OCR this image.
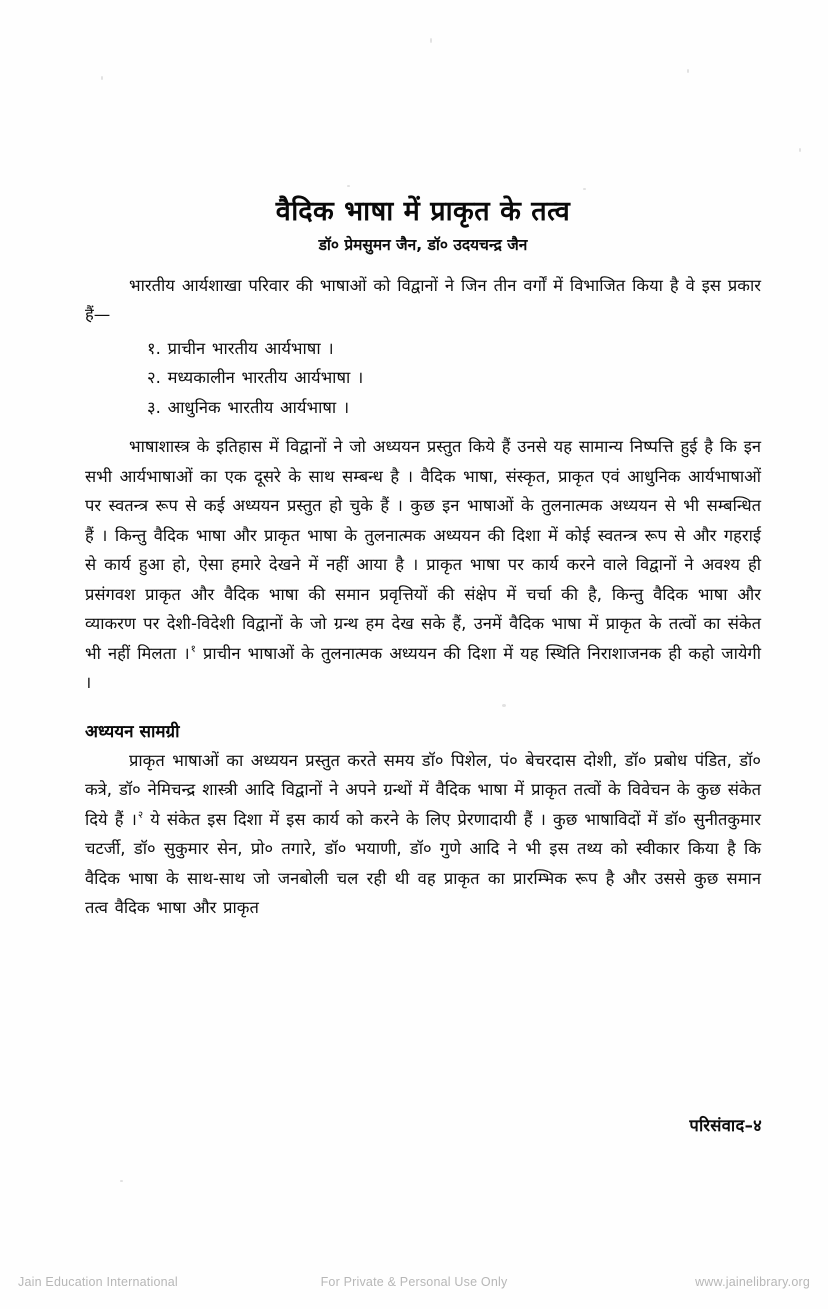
वैदिक भाषा में प्राकृत के तत्व
डॉ० प्रेमसुमन जैन, डॉ० उदयचन्द्र जैन

भारतीय आर्यशाखा परिवार की भाषाओं को विद्वानों ने जिन तीन वर्गों में विभाजित किया है वे इस प्रकार हैं—

१. प्राचीन भारतीय आर्यभाषा ।
२. मध्यकालीन भारतीय आर्यभाषा ।
३. आधुनिक भारतीय आर्यभाषा ।

भाषाशास्त्र के इतिहास में विद्वानों ने जो अध्ययन प्रस्तुत किये हैं उनसे यह सामान्य निष्पत्ति हुई है कि इन सभी आर्यभाषाओं का एक दूसरे के साथ सम्बन्ध है । वैदिक भाषा, संस्कृत, प्राकृत एवं आधुनिक आर्यभाषाओं पर स्वतन्त्र रूप से कई अध्ययन प्रस्तुत हो चुके हैं । कुछ इन भाषाओं के तुलनात्मक अध्ययन से भी सम्बन्धित हैं । किन्तु वैदिक भाषा और प्राकृत भाषा के तुलनात्मक अध्ययन की दिशा में कोई स्वतन्त्र रूप से और गहराई से कार्य हुआ हो, ऐसा हमारे देखने में नहीं आया है । प्राकृत भाषा पर कार्य करने वाले विद्वानों ने अवश्य ही प्रसंगवश प्राकृत और वैदिक भाषा की समान प्रवृत्तियों की संक्षेप में चर्चा की है, किन्तु वैदिक भाषा और व्याकरण पर देशी-विदेशी विद्वानों के जो ग्रन्थ हम देख सके हैं, उनमें वैदिक भाषा में प्राकृत के तत्वों का संकेत भी नहीं मिलता ।$^१$ प्राचीन भाषाओं के तुलनात्मक अध्ययन की दिशा में यह स्थिति निराशाजनक ही कहो जायेगी ।

अध्ययन सामग्री

प्राकृत भाषाओं का अध्ययन प्रस्तुत करते समय डॉ० पिशेल, पं० बेचरदास दोशी, डॉ० प्रबोध पंडित, डॉ० कत्रे, डॉ० नेमिचन्द्र शास्त्री आदि विद्वानों ने अपने ग्रन्थों में वैदिक भाषा में प्राकृत तत्वों के विवेचन के कुछ संकेत दिये हैं ।$^२$ ये संकेत इस दिशा में इस कार्य को करने के लिए प्रेरणादायी हैं । कुछ भाषाविदों में डॉ० सुनीतकुमार चटर्जी, डॉ० सुकुमार सेन, प्रो० तगारे, डॉ० भयाणी, डॉ० गुणे आदि ने भी इस तथ्य को स्वीकार किया है कि वैदिक भाषा के साथ-साथ जो जनबोली चल रही थी वह प्राकृत का प्रारम्भिक रूप है और उससे कुछ समान तत्व वैदिक भाषा और प्राकृत

परिसंवाद–४
Jain Education International	For Private & Personal Use Only	www.jainelibrary.org
